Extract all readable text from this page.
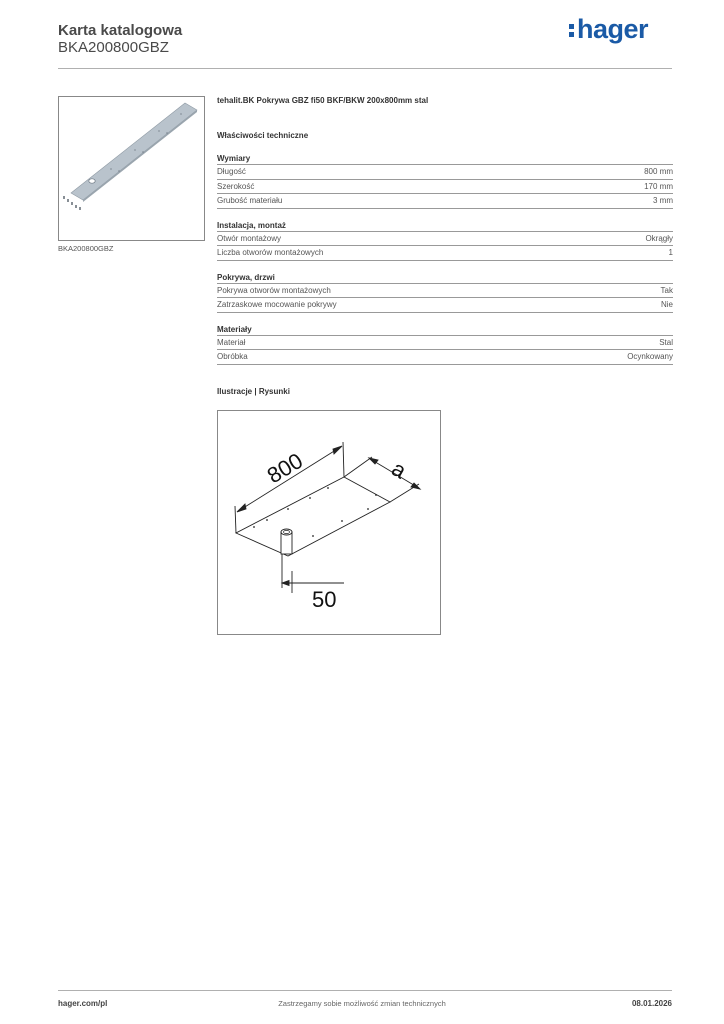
Karta katalogowa
BKA200800GBZ
hager
BKA200800GBZ
tehalit.BK Pokrywa GBZ fi50 BKF/BKW 200x800mm stal
Właściwości techniczne
Wymiary
Długość	800 mm
Szerokość	170 mm
Grubość materiału	3 mm
Instalacja, montaż
Otwór montażowy	Okrągły
Liczba otworów montażowych	1
Pokrywa, drzwi
Pokrywa otworów montażowych	Tak
Zatrzaskowe mocowanie pokrywy	Nie
Materiały
Materiał	Stal
Obróbka	Ocynkowany
Ilustracje | Rysunki
800	a
50
hager.com/pl	Zastrzegamy sobie możliwość zmian technicznych	08.01.2026
